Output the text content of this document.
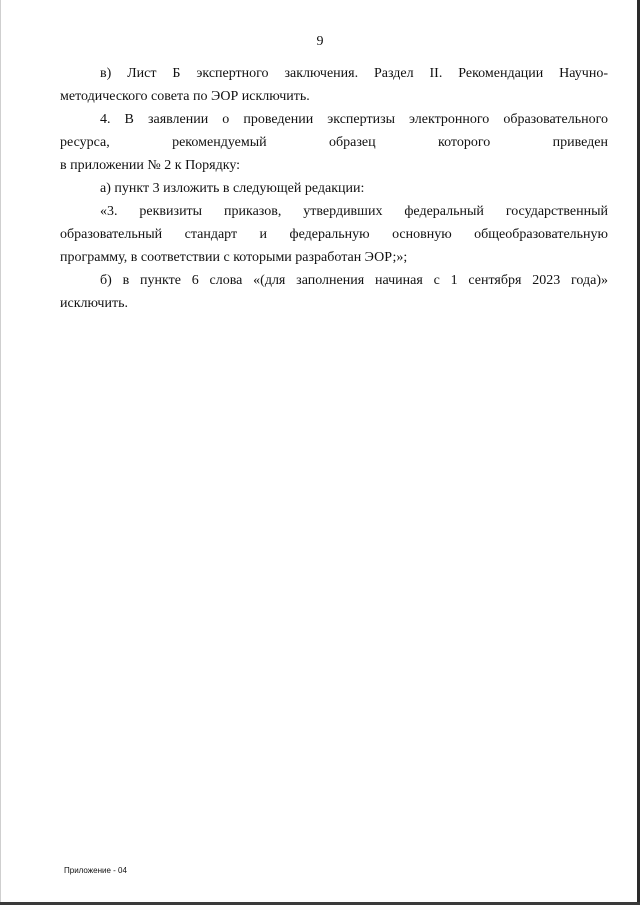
9

в) Лист Б экспертного заключения. Раздел II. Рекомендации Научно-
методического совета по ЭОР исключить.

4. В заявлении о проведении экспертизы электронного образовательного
ресурса, рекомендуемый образец которого приведен
в приложении № 2 к Порядку:

а) пункт 3 изложить в следующей редакции:

«3. реквизиты приказов, утвердивших федеральный государственный
образовательный стандарт и федеральную основную общеобразовательную
программу, в соответствии с которыми разработан ЭОР;»;

б) в пункте 6 слова «(для заполнения начиная с 1 сентября 2023 года)»
исключить.

Приложение - 04
